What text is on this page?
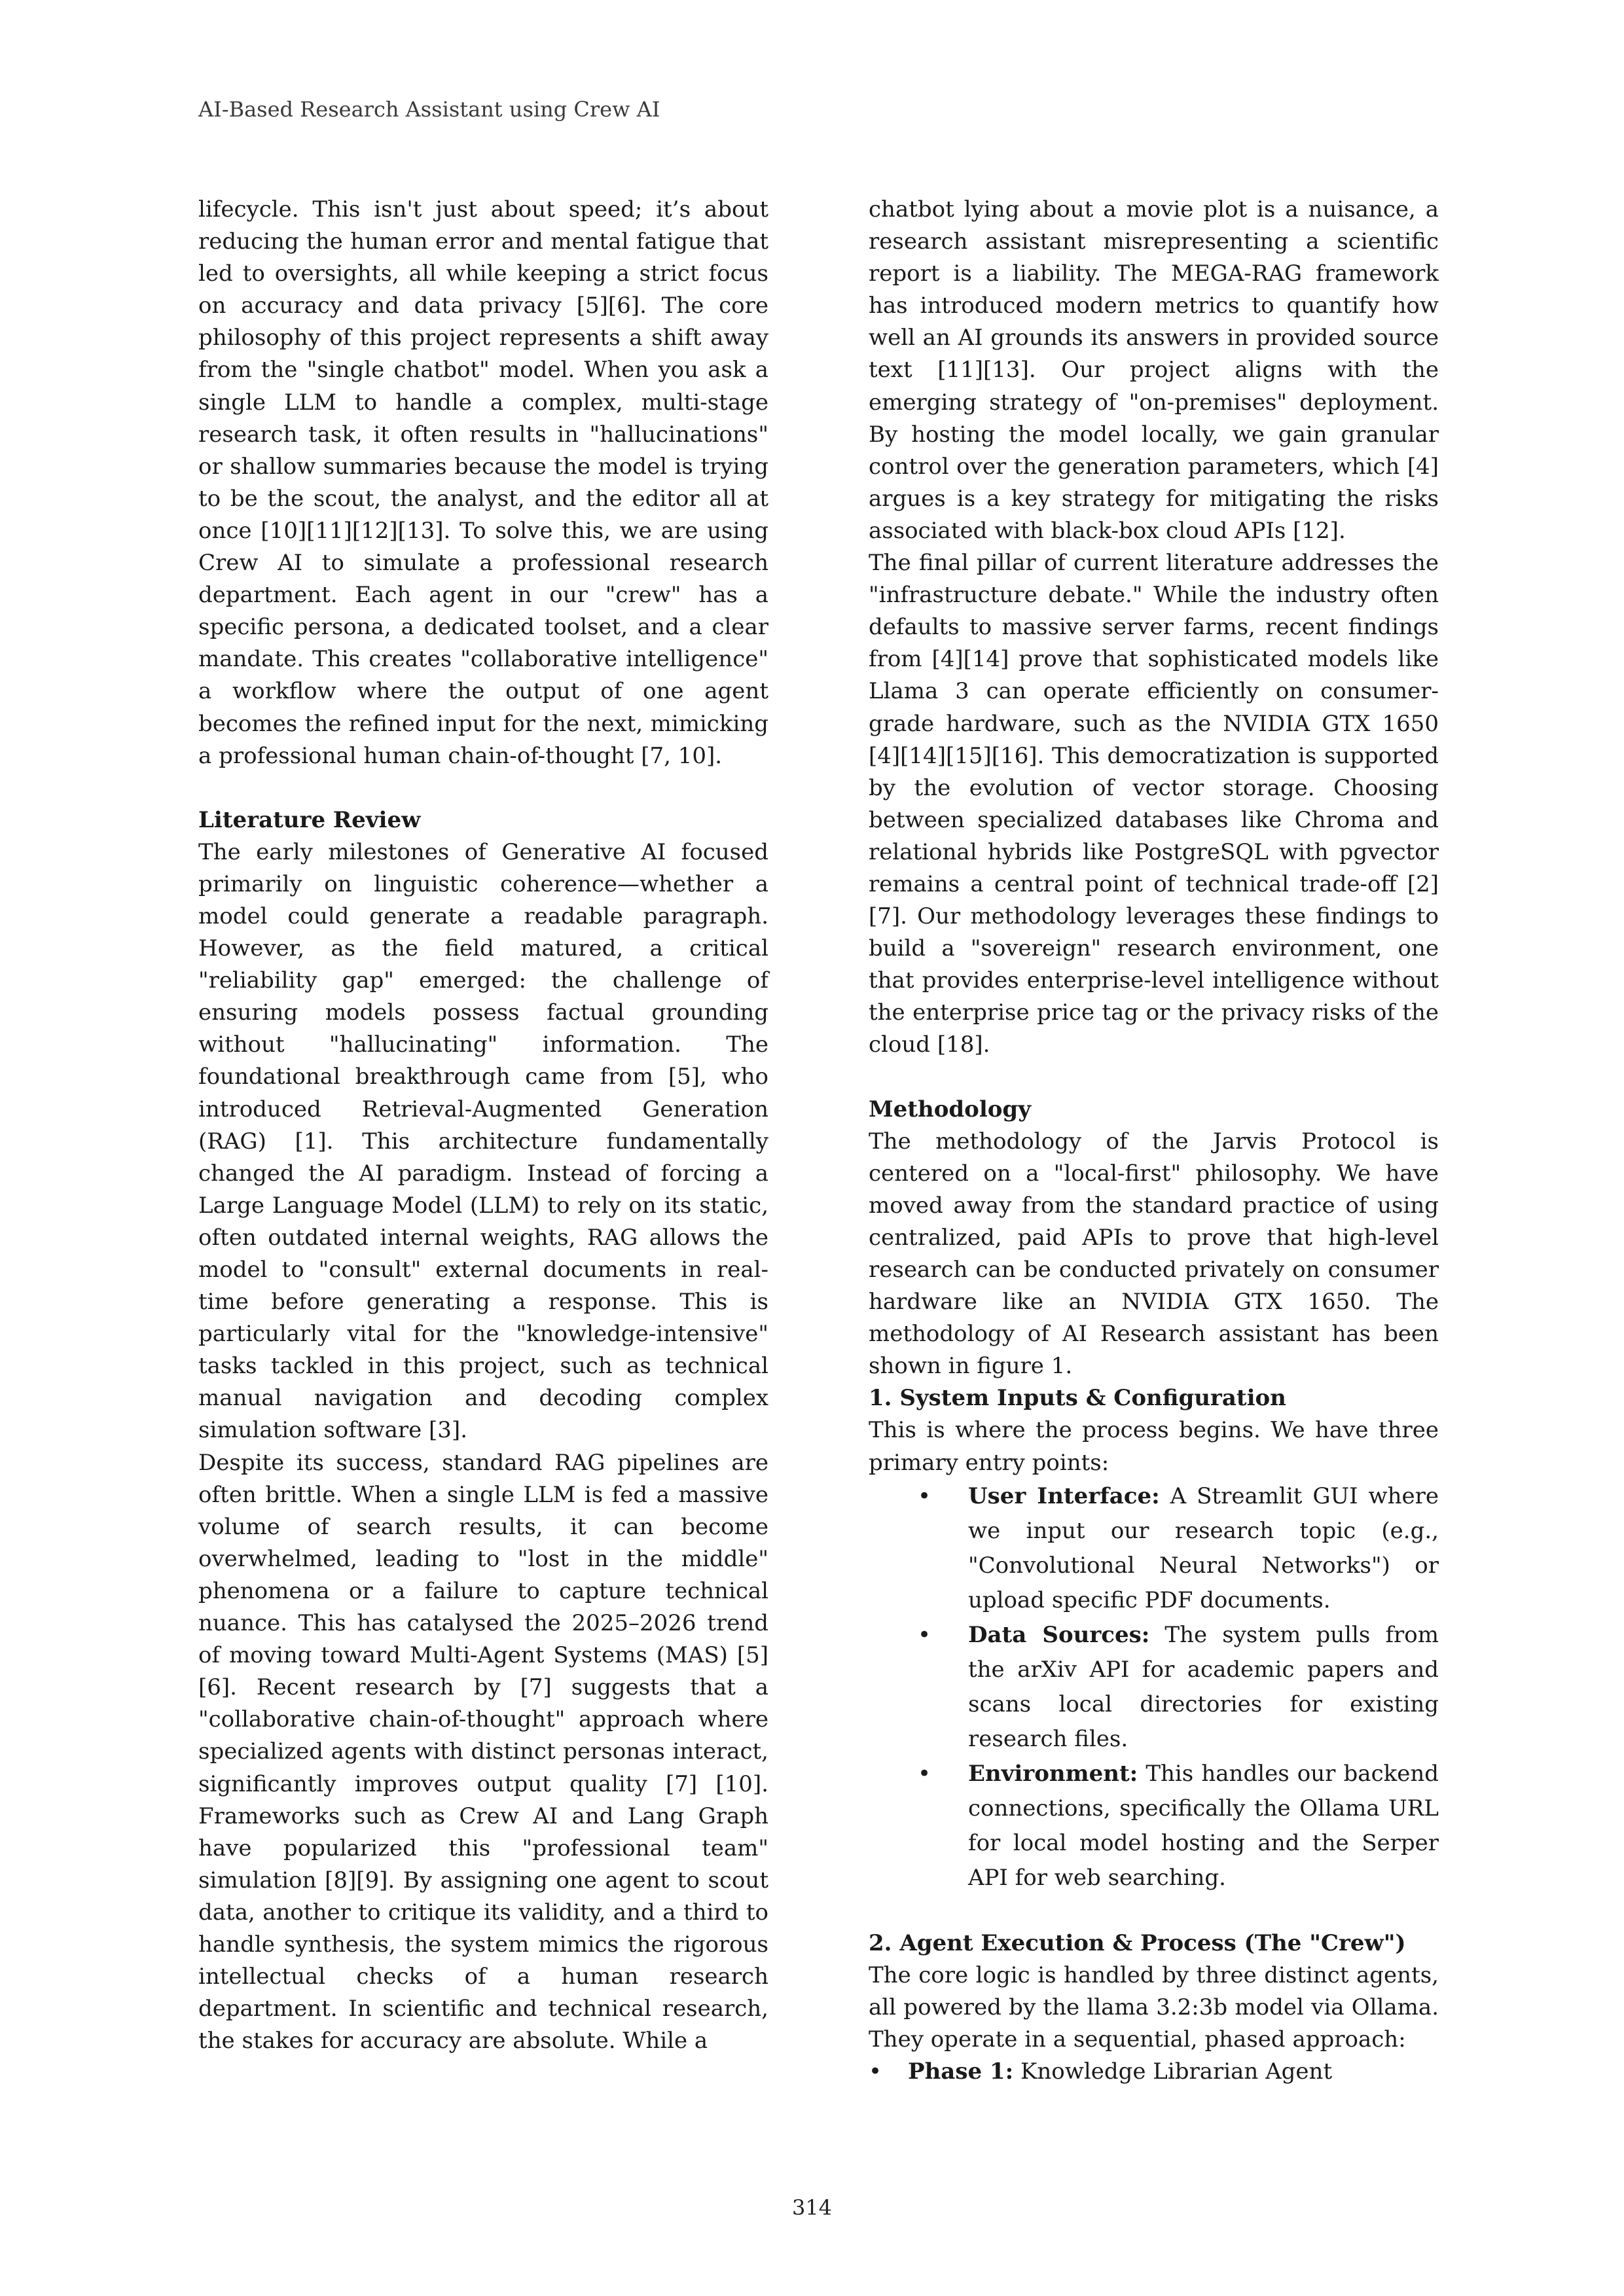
AI-Based Research Assistant using Crew AI

lifecycle. This isn't just about speed; it’s about reducing the human error and mental fatigue that led to oversights, all while keeping a strict focus on accuracy and data privacy [5][6]. The core philosophy of this project represents a shift away from the "single chatbot" model. When you ask a single LLM to handle a complex, multi-stage research task, it often results in "hallucinations" or shallow summaries because the model is trying to be the scout, the analyst, and the editor all at once [10][11][12][13]. To solve this, we are using Crew AI to simulate a professional research department. Each agent in our "crew" has a specific persona, a dedicated toolset, and a clear mandate. This creates "collaborative intelligence" a workflow where the output of one agent becomes the refined input for the next, mimicking a professional human chain-of-thought [7, 10].

Literature Review

The early milestones of Generative AI focused primarily on linguistic coherence—whether a model could generate a readable paragraph. However, as the field matured, a critical "reliability gap" emerged: the challenge of ensuring models possess factual grounding without "hallucinating" information. The foundational breakthrough came from [5], who introduced Retrieval-Augmented Generation (RAG) [1]. This architecture fundamentally changed the AI paradigm. Instead of forcing a Large Language Model (LLM) to rely on its static, often outdated internal weights, RAG allows the model to "consult" external documents in real-time before generating a response. This is particularly vital for the "knowledge-intensive" tasks tackled in this project, such as technical manual navigation and decoding complex simulation software [3].

Despite its success, standard RAG pipelines are often brittle. When a single LLM is fed a massive volume of search results, it can become overwhelmed, leading to "lost in the middle" phenomena or a failure to capture technical nuance. This has catalysed the 2025–2026 trend of moving toward Multi-Agent Systems (MAS) [5][6]. Recent research by [7] suggests that a "collaborative chain-of-thought" approach where specialized agents with distinct personas interact, significantly improves output quality [7] [10]. Frameworks such as Crew AI and Lang Graph have popularized this "professional team" simulation [8][9]. By assigning one agent to scout data, another to critique its validity, and a third to handle synthesis, the system mimics the rigorous intellectual checks of a human research department. In scientific and technical research, the stakes for accuracy are absolute. While a

chatbot lying about a movie plot is a nuisance, a research assistant misrepresenting a scientific report is a liability. The MEGA-RAG framework has introduced modern metrics to quantify how well an AI grounds its answers in provided source text [11][13]. Our project aligns with the emerging strategy of "on-premises" deployment. By hosting the model locally, we gain granular control over the generation parameters, which [4] argues is a key strategy for mitigating the risks associated with black-box cloud APIs [12].

The final pillar of current literature addresses the "infrastructure debate." While the industry often defaults to massive server farms, recent findings from [4][14] prove that sophisticated models like Llama 3 can operate efficiently on consumer-grade hardware, such as the NVIDIA GTX 1650 [4][14][15][16]. This democratization is supported by the evolution of vector storage. Choosing between specialized databases like Chroma and relational hybrids like PostgreSQL with pgvector remains a central point of technical trade-off [2] [7]. Our methodology leverages these findings to build a "sovereign" research environment, one that provides enterprise-level intelligence without the enterprise price tag or the privacy risks of the cloud [18].

Methodology

The methodology of the Jarvis Protocol is centered on a "local-first" philosophy. We have moved away from the standard practice of using centralized, paid APIs to prove that high-level research can be conducted privately on consumer hardware like an NVIDIA GTX 1650. The methodology of AI Research assistant has been shown in figure 1.

1. System Inputs & Configuration

This is where the process begins. We have three primary entry points:

• User Interface: A Streamlit GUI where we input our research topic (e.g., "Convolutional Neural Networks") or upload specific PDF documents.
• Data Sources: The system pulls from the arXiv API for academic papers and scans local directories for existing research files.
• Environment: This handles our backend connections, specifically the Ollama URL for local model hosting and the Serper API for web searching.
2. Agent Execution & Process (The "Crew")

The core logic is handled by three distinct agents, all powered by the llama 3.2:3b model via Ollama. They operate in a sequential, phased approach:

• Phase 1: Knowledge Librarian Agent
314
